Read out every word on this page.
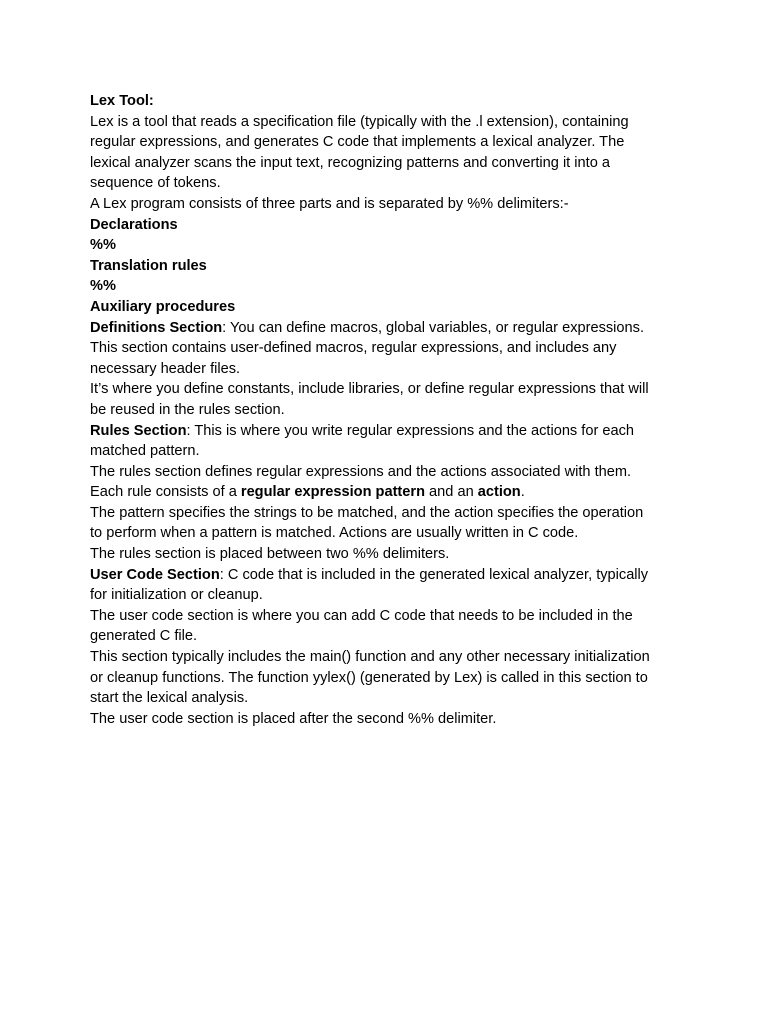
Lex Tool:

Lex is a tool that reads a specification file (typically with the .l extension), containing

regular expressions, and generates C code that implements a lexical analyzer. The

lexical analyzer scans the input text, recognizing patterns and converting it into a

sequence of tokens.

A Lex program consists of three parts and is separated by %% delimiters:-

Declarations

%%

Translation rules

%%

Auxiliary procedures

Definitions Section: You can define macros, global variables, or regular expressions.

This section contains user-defined macros, regular expressions, and includes any

necessary header files.

It’s where you define constants, include libraries, or define regular expressions that will

be reused in the rules section.

Rules Section: This is where you write regular expressions and the actions for each

matched pattern.

The rules section defines regular expressions and the actions associated with them.

Each rule consists of a regular expression pattern and an action.

The pattern specifies the strings to be matched, and the action specifies the operation

to perform when a pattern is matched. Actions are usually written in C code.

The rules section is placed between two %% delimiters.

User Code Section: C code that is included in the generated lexical analyzer, typically

for initialization or cleanup.

The user code section is where you can add C code that needs to be included in the

generated C file.

This section typically includes the main() function and any other necessary initialization

or cleanup functions. The function yylex() (generated by Lex) is called in this section to

start the lexical analysis.

The user code section is placed after the second %% delimiter.
